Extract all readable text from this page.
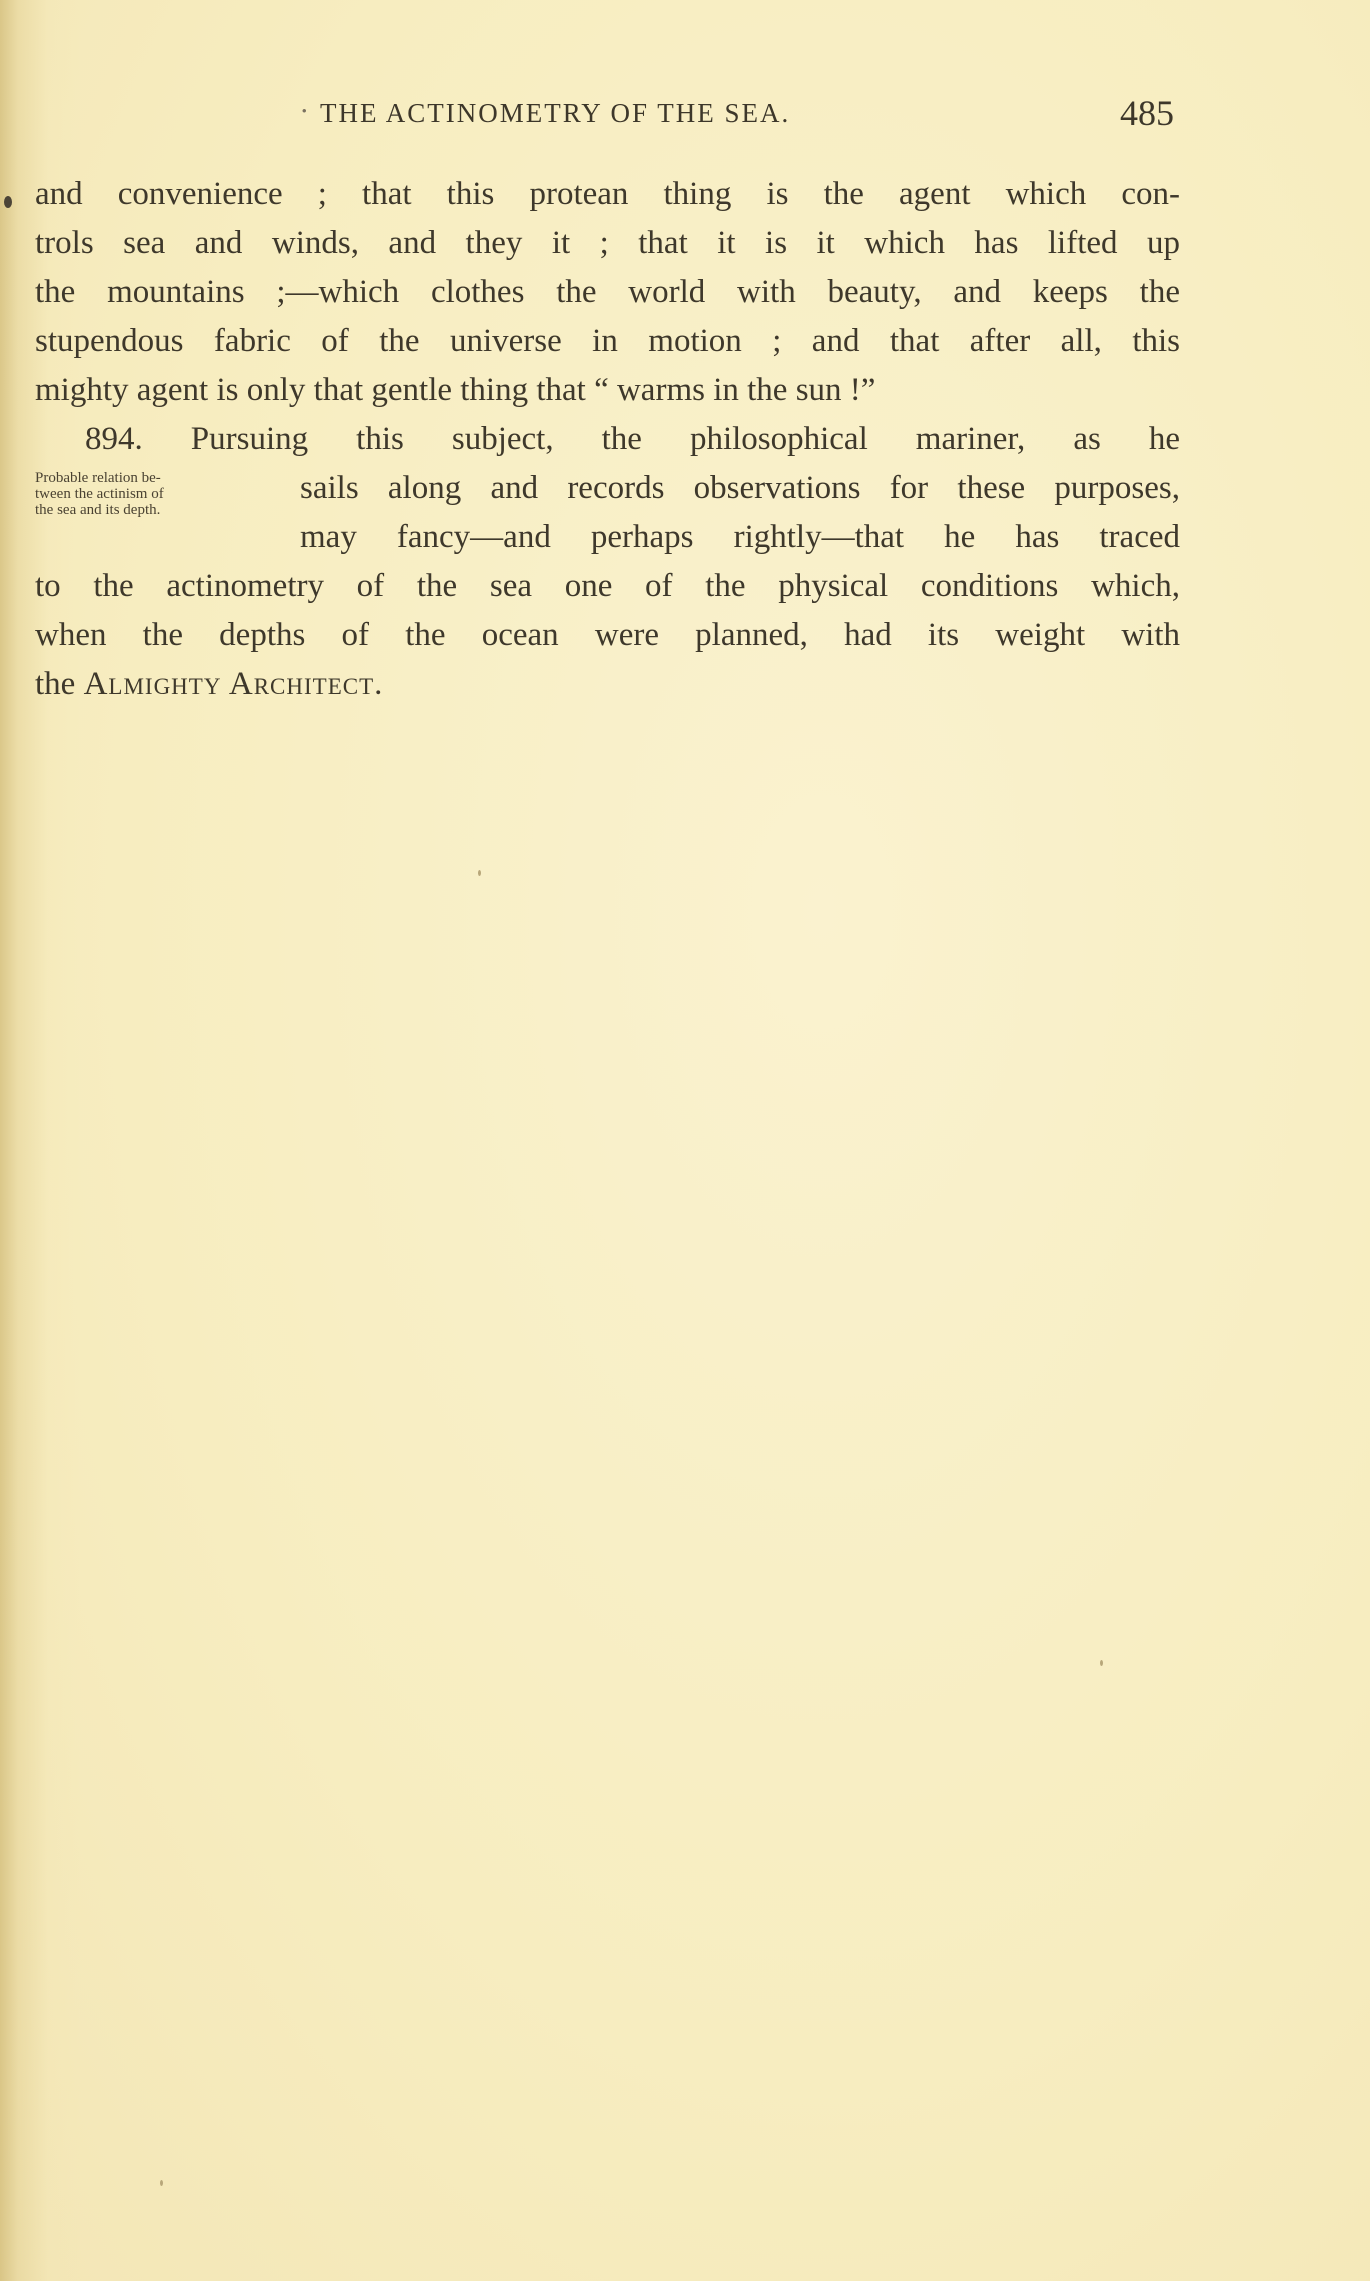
· THE ACTINOMETRY OF THE SEA.	485
and convenience ; that this protean thing is the agent which con-
trols sea and winds, and they it ; that it is it which has lifted up
the mountains ;—which clothes the world with beauty, and keeps the
stupendous fabric of the universe in motion ; and that after all, this
mighty agent is only that gentle thing that “ warms in the sun !”
894. Pursuing this subject, the philosophical mariner, as he
Probable relation be-
tween the actinism of
the sea and its depth.
sails along and records observations for these purposes,
may fancy—and perhaps rightly—that he has traced
to the actinometry of the sea one of the physical conditions which,
when the depths of the ocean were planned, had its weight with
the Almighty Architect.
